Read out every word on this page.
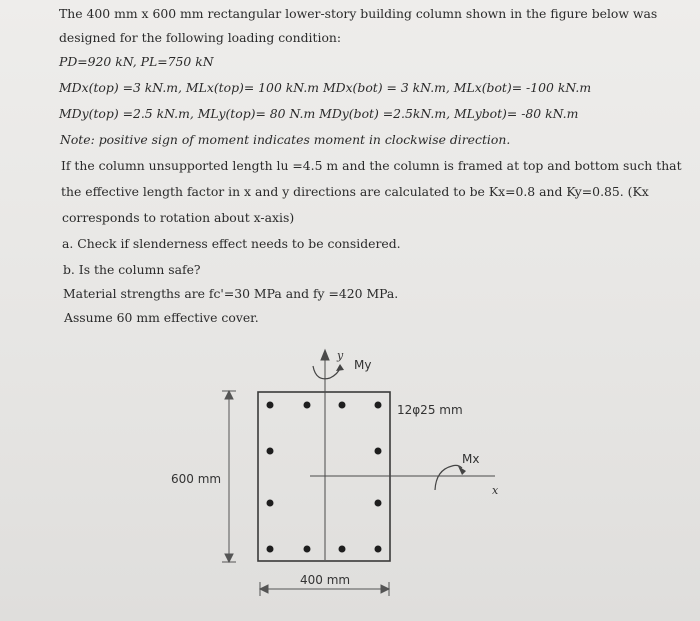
The 400 mm x 600 mm rectangular lower-story building column shown in the figure below was
designed for the following loading condition:
PD=920 kN, PL=750 kN
MDx(top) =3 kN.m, MLx(top)= 100 kN.m MDx(bot) = 3 kN.m, MLx(bot)= -100 kN.m
MDy(top) =2.5 kN.m, MLy(top)= 80 N.m MDy(bot) =2.5kN.m, MLybot)= -80 kN.m
Note: positive sign of moment indicates moment in clockwise direction.
If the column unsupported length lu =4.5 m and the column is framed at top and bottom such that
the effective length factor in x and y directions are calculated to be Kx=0.8 and Ky=0.85. (Kx
corresponds to rotation about x-axis)
a. Check if slenderness effect needs to be considered.
b. Is the column safe?
Material strengths are fc'=30 MPa and fy =420 MPa.
Assume 60 mm effective cover.
y
My
12φ25 mm
Mx
x
600 mm
400 mm
